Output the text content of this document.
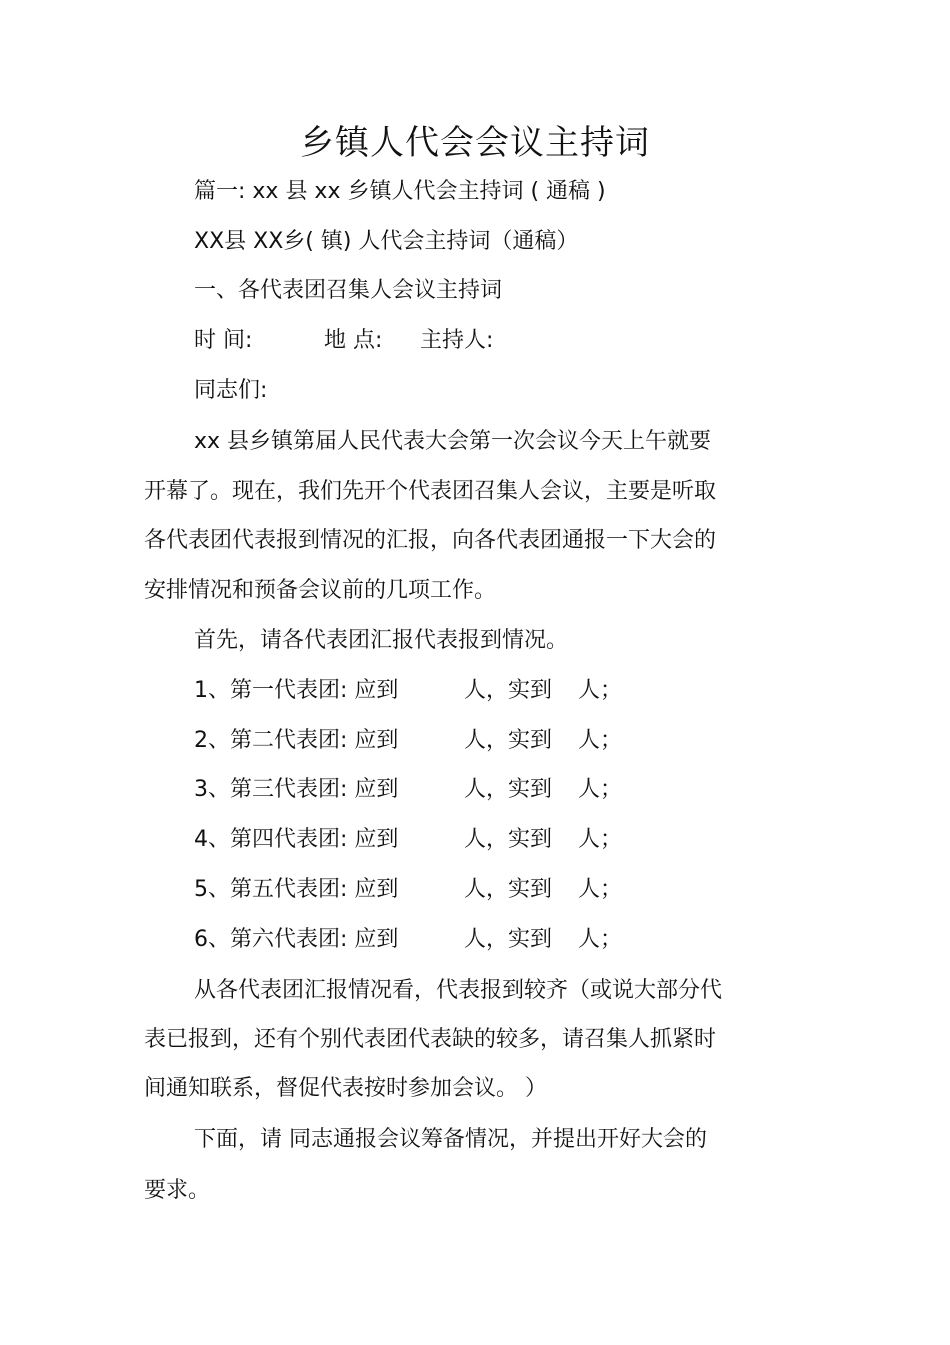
乡镇人代会会议主持词
篇一: xx 县 xx 乡镇人代会主持词 ( 通稿 )
XX县 XX乡( 镇) 人代会主持词（通稿）
一、各代表团召集人会议主持词
时 间:	地 点: 主持人:
同志们:
xx 县乡镇第届人民代表大会第一次会议今天上午就要
开幕了。现在，我们先开个代表团召集人会议，主要是听取
各代表团代表报到情况的汇报，向各代表团通报一下大会的
安排情况和预备会议前的几项工作。
首先，请各代表团汇报代表报到情况。
1、第一代表团: 应到	人，实到 人；
2、第二代表团: 应到	人，实到 人；
3、第三代表团: 应到	人，实到 人；
4、第四代表团: 应到	人，实到 人；
5、第五代表团: 应到	人，实到 人；
6、第六代表团: 应到	人，实到 人；
从各代表团汇报情况看，代表报到较齐（或说大部分代
表已报到，还有个别代表团代表缺的较多，请召集人抓紧时
间通知联系，督促代表按时参加会议。 ）
下面，请 同志通报会议筹备情况，并提出开好大会的
要求。
